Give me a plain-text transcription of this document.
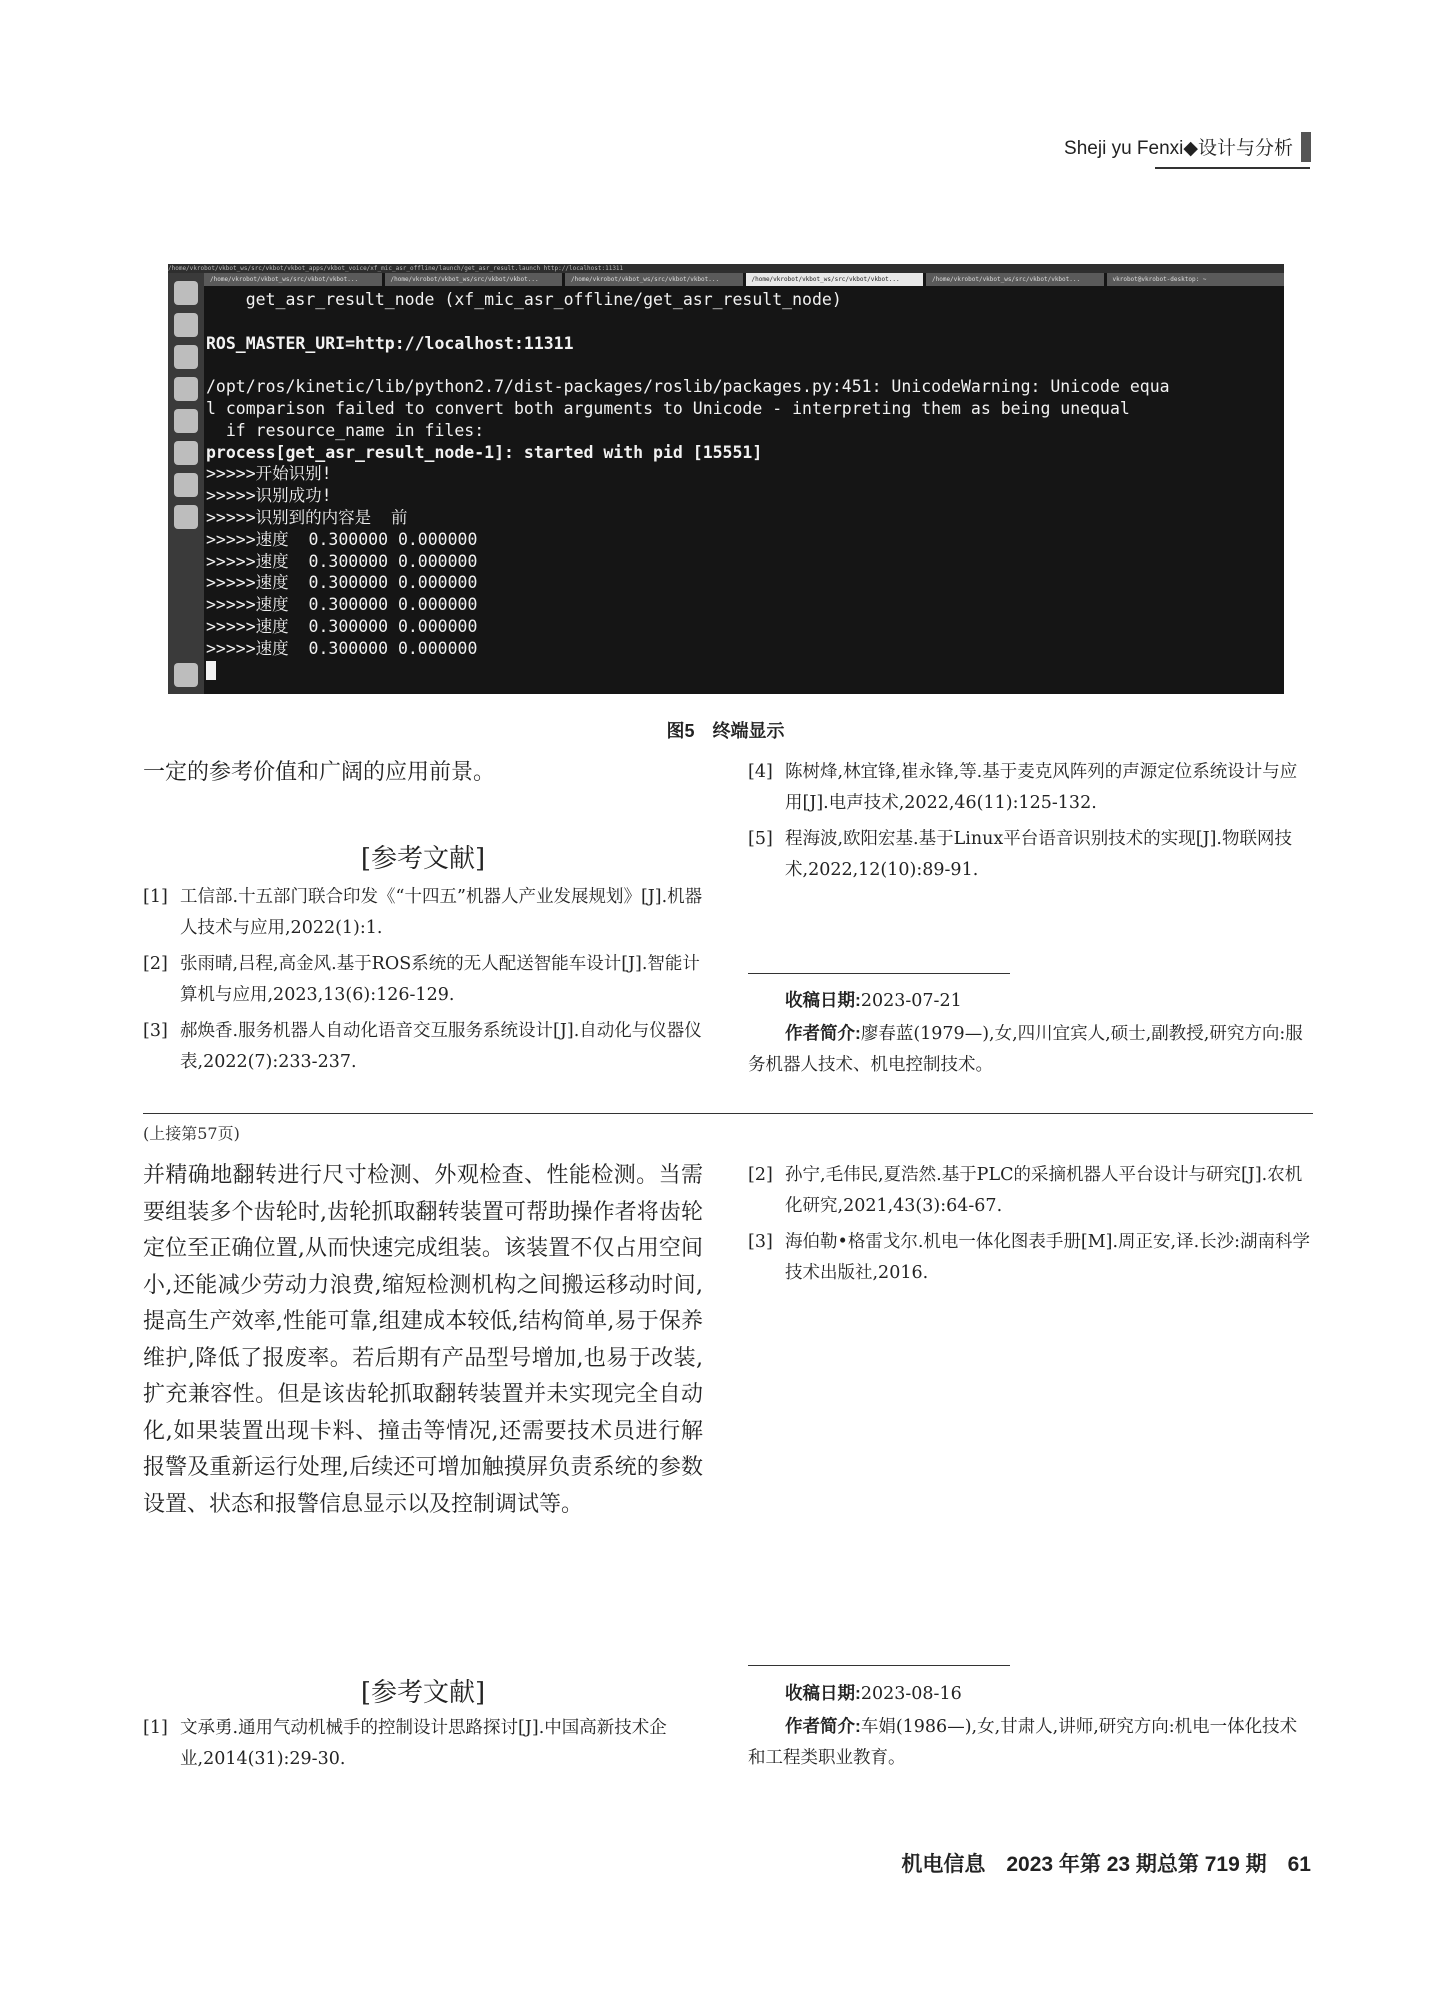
Sheji yu Fenxi◆设计与分析
/home/vkrobot/vkbot_ws/src/vkbot/vkbot_apps/vkbot_voice/xf_mic_asr_offline/launch/get_asr_result.launch http://localhost:11311
/home/vkrobot/vkbot_ws/src/vkbot/vkbot...	/home/vkrobot/vkbot_ws/src/vkbot/vkbot...	/home/vkrobot/vkbot_ws/src/vkbot/vkbot...	/home/vkrobot/vkbot_ws/src/vkbot/vkbot...	/home/vkrobot/vkbot_ws/src/vkbot/vkbot...	vkrobot@vkrobot-desktop: ~
get_asr_result_node (xf_mic_asr_offline/get_asr_result_node)

ROS_MASTER_URI=http://localhost:11311

/opt/ros/kinetic/lib/python2.7/dist-packages/roslib/packages.py:451: UnicodeWarning: Unicode equa
l comparison failed to convert both arguments to Unicode - interpreting them as being unequal
if resource_name in files:
process[get_asr_result_node-1]: started with pid [15551]
>>>>>开始识别!
>>>>>识别成功!
>>>>>识别到的内容是  前
>>>>>速度  0.300000 0.000000
>>>>>速度  0.300000 0.000000
>>>>>速度  0.300000 0.000000
>>>>>速度  0.300000 0.000000
>>>>>速度  0.300000 0.000000
>>>>>速度  0.300000 0.000000
图5　终端显示
一定的参考价值和广阔的应用前景。
[参考文献]
[1] 工信部.十五部门联合印发《“十四五”机器人产业发展规划》[J].机器人技术与应用,2022(1):1.
[2] 张雨晴,吕程,高金风.基于ROS系统的无人配送智能车设计[J].智能计算机与应用,2023,13(6):126-129.
[3] 郝焕香.服务机器人自动化语音交互服务系统设计[J].自动化与仪器仪表,2022(7):233-237.
[4] 陈树烽,林宜锋,崔永锋,等.基于麦克风阵列的声源定位系统设计与应用[J].电声技术,2022,46(11):125-132.
[5] 程海波,欧阳宏基.基于Linux平台语音识别技术的实现[J].物联网技术,2022,12(10):89-91.
收稿日期:2023-07-21
作者简介:廖春蓝(1979—),女,四川宜宾人,硕士,副教授,研究方向:服务机器人技术、机电控制技术。
(上接第57页)
并精确地翻转进行尺寸检测、外观检查、性能检测。当需要组装多个齿轮时,齿轮抓取翻转装置可帮助操作者将齿轮定位至正确位置,从而快速完成组装。该装置不仅占用空间小,还能减少劳动力浪费,缩短检测机构之间搬运移动时间,提高生产效率,性能可靠,组建成本较低,结构简单,易于保养维护,降低了报废率。若后期有产品型号增加,也易于改装,扩充兼容性。但是该齿轮抓取翻转装置并未实现完全自动化,如果装置出现卡料、撞击等情况,还需要技术员进行解报警及重新运行处理,后续还可增加触摸屏负责系统的参数设置、状态和报警信息显示以及控制调试等。
[参考文献]
[1] 文承勇.通用气动机械手的控制设计思路探讨[J].中国高新技术企业,2014(31):29-30.
[2] 孙宁,毛伟民,夏浩然.基于PLC的采摘机器人平台设计与研究[J].农机化研究,2021,43(3):64-67.
[3] 海伯勒•格雷戈尔.机电一体化图表手册[M].周正安,译.长沙:湖南科学技术出版社,2016.
收稿日期:2023-08-16
作者简介:车娟(1986—),女,甘肃人,讲师,研究方向:机电一体化技术和工程类职业教育。
机电信息　2023 年第 23 期总第 719 期　61
